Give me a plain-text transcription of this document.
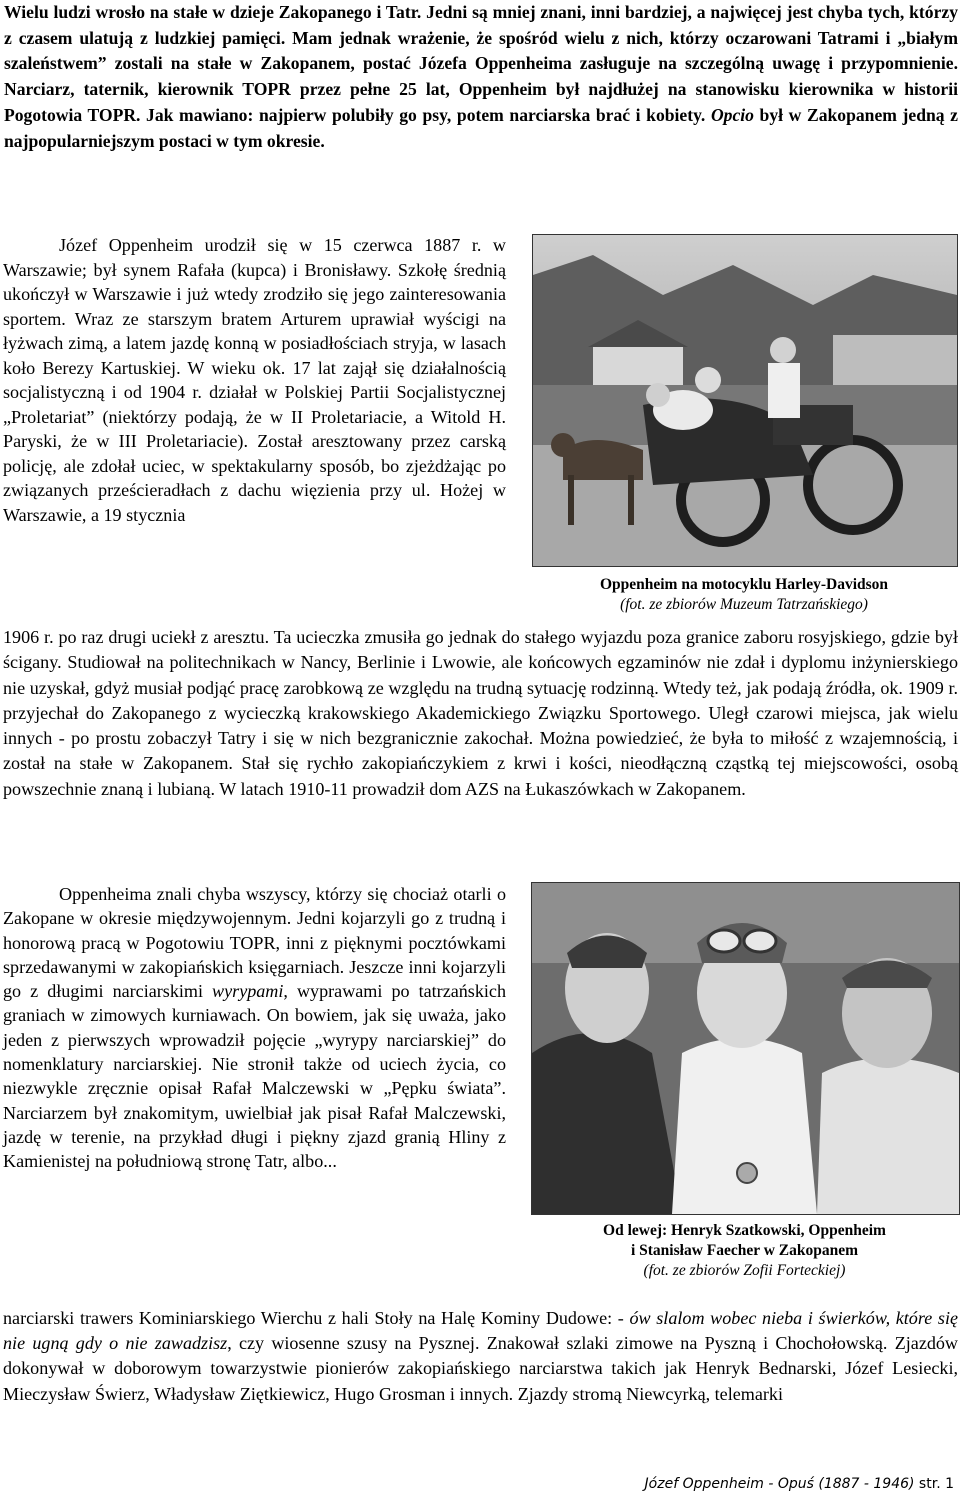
Wielu ludzi wrosło na stałe w dzieje Zakopanego i Tatr. Jedni są mniej znani, inni bardziej, a najwięcej jest chyba tych, którzy z czasem ulatują z ludzkiej pamięci. Mam jednak wrażenie, że spośród wielu z nich, którzy oczarowani Tatrami i „białym szaleństwem” zostali na stałe w Zakopanem, postać Józefa Oppenheima zasługuje na szczególną uwagę i przypomnienie. Narciarz, taternik, kierownik TOPR przez pełne 25 lat, Oppenheim był najdłużej na stanowisku kierownika w historii Pogotowia TOPR. Jak mawiano: najpierw polubiły go psy, potem narciarska brać i kobiety. Opcio był w Zakopanem jedną z najpopularniejszym postaci w tym okresie.

Józef Oppenheim urodził się w 15 czerwca 1887 r. w Warszawie; był synem Rafała (kupca) i Bronisławy. Szkołę średnią ukończył w Warszawie i już wtedy zrodziło się jego zainteresowania sportem. Wraz ze starszym bratem Arturem uprawiał wyścigi na łyżwach zimą, a latem jazdę konną w posiadłościach stryja, w lasach koło Berezy Kartuskiej. W wieku ok. 17 lat zajął się działalnością socjalistyczną i od 1904 r. działał w Polskiej Partii Socjalistycznej „Proletariat” (niektórzy podają, że w II Proletariacie, a Witold H. Paryski, że w III Proletariacie). Został aresztowany przez carską policję, ale zdołał uciec, w spektakularny sposób, bo zjeżdżając po związanych prześcieradłach z dachu więzienia przy ul. Hożej w Warszawie, a 19 stycznia

Oppenheim na motocyklu Harley-Davidson
(fot. ze zbiorów Muzeum Tatrzańskiego)

1906 r. po raz drugi uciekł z aresztu. Ta ucieczka zmusiła go jednak do stałego wyjazdu poza granice zaboru rosyjskiego, gdzie był ścigany. Studiował na politechnikach w Nancy, Berlinie i Lwowie, ale końcowych egzaminów nie zdał i dyplomu inżynierskiego nie uzyskał, gdyż musiał podjąć pracę zarobkową ze względu na trudną sytuację rodzinną. Wtedy też, jak podają źródła, ok. 1909 r. przyjechał do Zakopanego z wycieczką krakowskiego Akademickiego Związku Sportowego. Uległ czarowi miejsca, jak wielu innych - po prostu zobaczył Tatry i się w nich bezgranicznie zakochał. Można powiedzieć, że była to miłość z wzajemnością, i został na stałe w Zakopanem. Stał się rychło zakopiańczykiem z krwi i kości, nieodłączną cząstką tej miejscowości, osobą powszechnie znaną i lubianą. W latach 1910-11 prowadził dom AZS na Łukaszówkach w Zakopanem.

Oppenheima znali chyba wszyscy, którzy się chociaż otarli o Zakopane w okresie międzywojennym. Jedni kojarzyli go z trudną i honorową pracą w Pogotowiu TOPR, inni z pięknymi pocztówkami sprzedawanymi w zakopiańskich księgarniach. Jeszcze inni kojarzyli go z długimi narciarskimi wyrypami, wyprawami po tatrzańskich graniach w zimowych kurniawach. On bowiem, jak się uważa, jako jeden z pierwszych wprowadził pojęcie „wyrypy narciarskiej” do nomenklatury narciarskiej. Nie stronił także od uciech życia, co niezwykle zręcznie opisał Rafał Malczewski w „Pępku świata”. Narciarzem był znakomitym, uwielbiał jak pisał Rafał Malczewski, jazdę w terenie, na przykład długi i piękny zjazd granią Hliny z Kamienistej na południową stronę Tatr, albo...

Od lewej: Henryk Szatkowski, Oppenheim
i Stanisław Faecher w Zakopanem
(fot. ze zbiorów Zofii Forteckiej)

narciarski trawers Kominiarskiego Wierchu z hali Stoły na Halę Kominy Dudowe: - ów slalom wobec nieba i świerków, które się nie ugną gdy o nie zawadzisz, czy wiosenne szusy na Pysznej. Znakował szlaki zimowe na Pyszną i Chochołowską. Zjazdów dokonywał w doborowym towarzystwie pionierów zakopiańskiego narciarstwa takich jak Henryk Bednarski, Józef Lesiecki, Mieczysław Świerz, Władysław Ziętkiewicz, Hugo Grosman i innych. Zjazdy stromą Niewcyrką, telemarki

Józef Oppenheim - Opuś (1887 - 1946) str. 1
